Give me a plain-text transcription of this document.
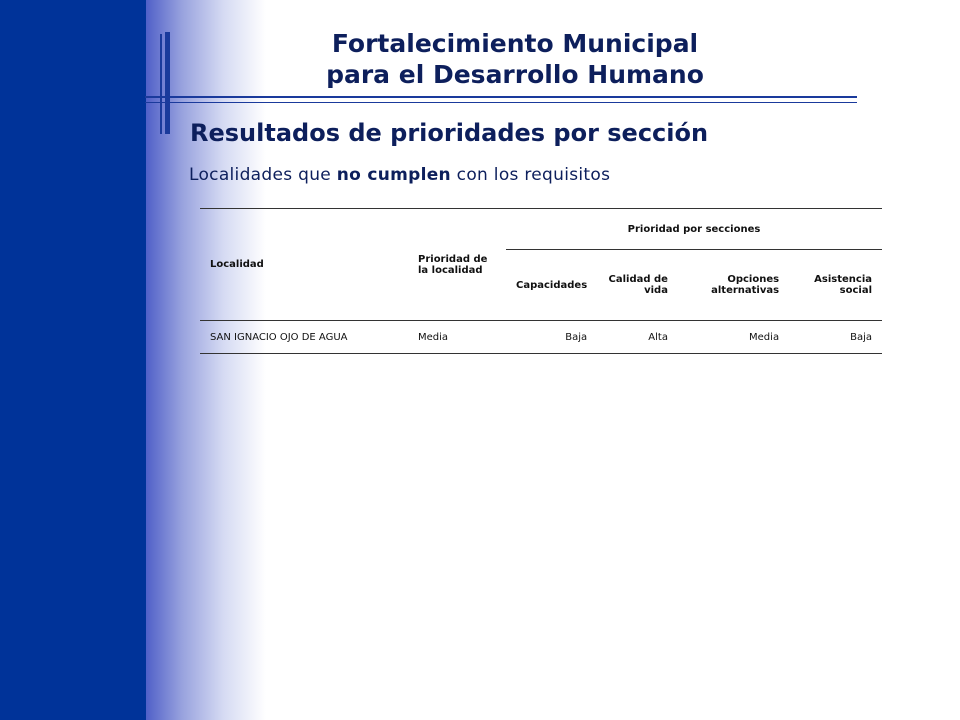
Fortalecimiento Municipal
para el Desarrollo Humano
Resultados de prioridades por sección
Localidades que no cumplen con los requisitos
Localidad	Prioridad de la localidad	Prioridad por secciones			
		Capacidades	Calidad de vida	Opciones alternativas	Asistencia social
SAN IGNACIO OJO DE AGUA	Media	Baja	Alta	Media	Baja
